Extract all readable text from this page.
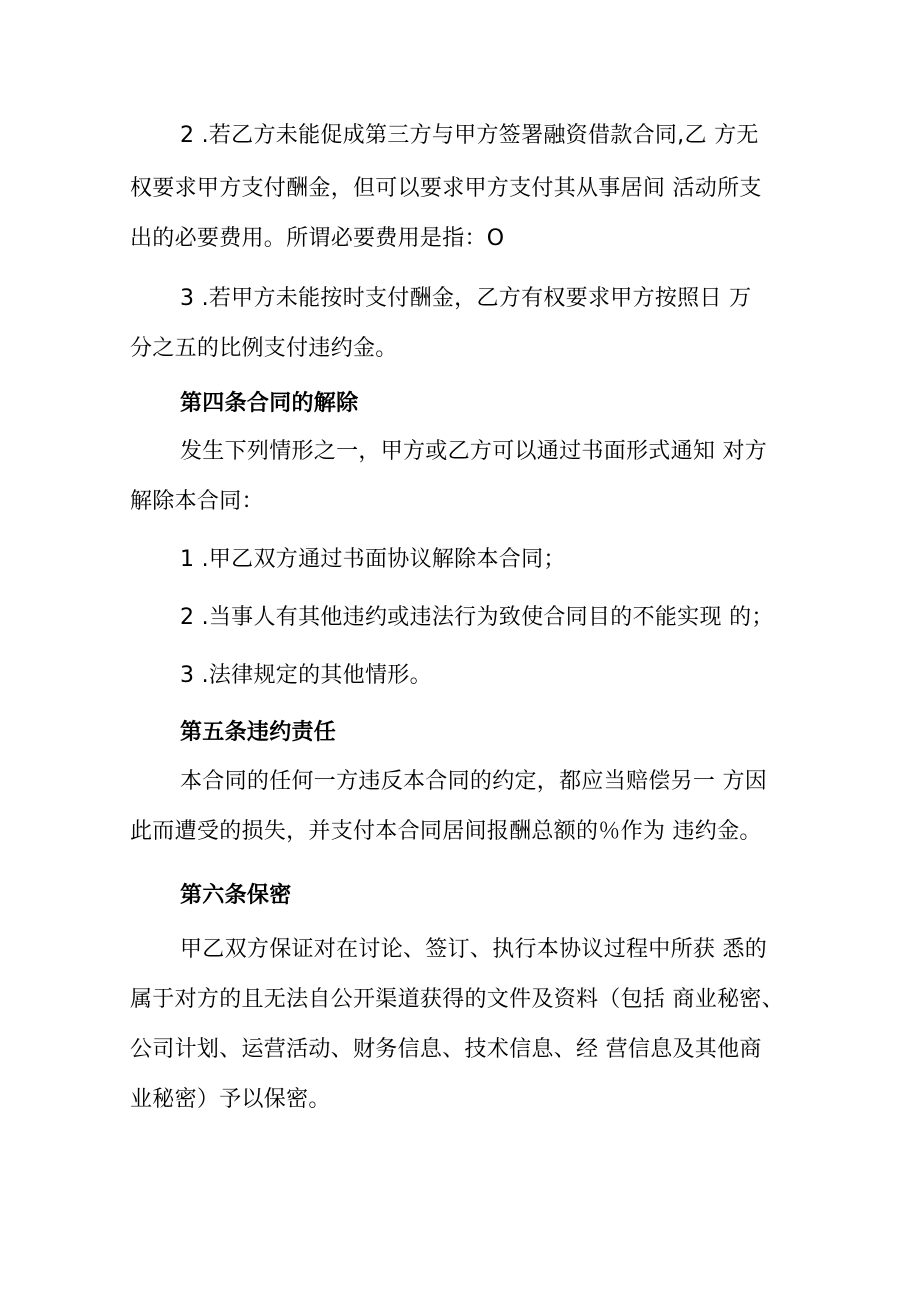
2 .若乙方未能促成第三方与甲方签署融资借款合同,乙 方无
权要求甲方支付酬金，但可以要求甲方支付其从事居间 活动所支
出的必要费用。所谓必要费用是指：O
3 .若甲方未能按时支付酬金，乙方有权要求甲方按照日 万
分之五的比例支付违约金。
第四条合同的解除
发生下列情形之一，甲方或乙方可以通过书面形式通知 对方
解除本合同：
1 .甲乙双方通过书面协议解除本合同；
2 .当事人有其他违约或违法行为致使合同目的不能实现 的；
3 .法律规定的其他情形。
第五条违约责任
本合同的任何一方违反本合同的约定，都应当赔偿另一 方因
此而遭受的损失，并支付本合同居间报酬总额的％作为 违约金。
第六条保密
甲乙双方保证对在讨论、签订、执行本协议过程中所获 悉的
属于对方的且无法自公开渠道获得的文件及资料（包括 商业秘密、
公司计划、运营活动、财务信息、技术信息、经 营信息及其他商
业秘密）予以保密。
